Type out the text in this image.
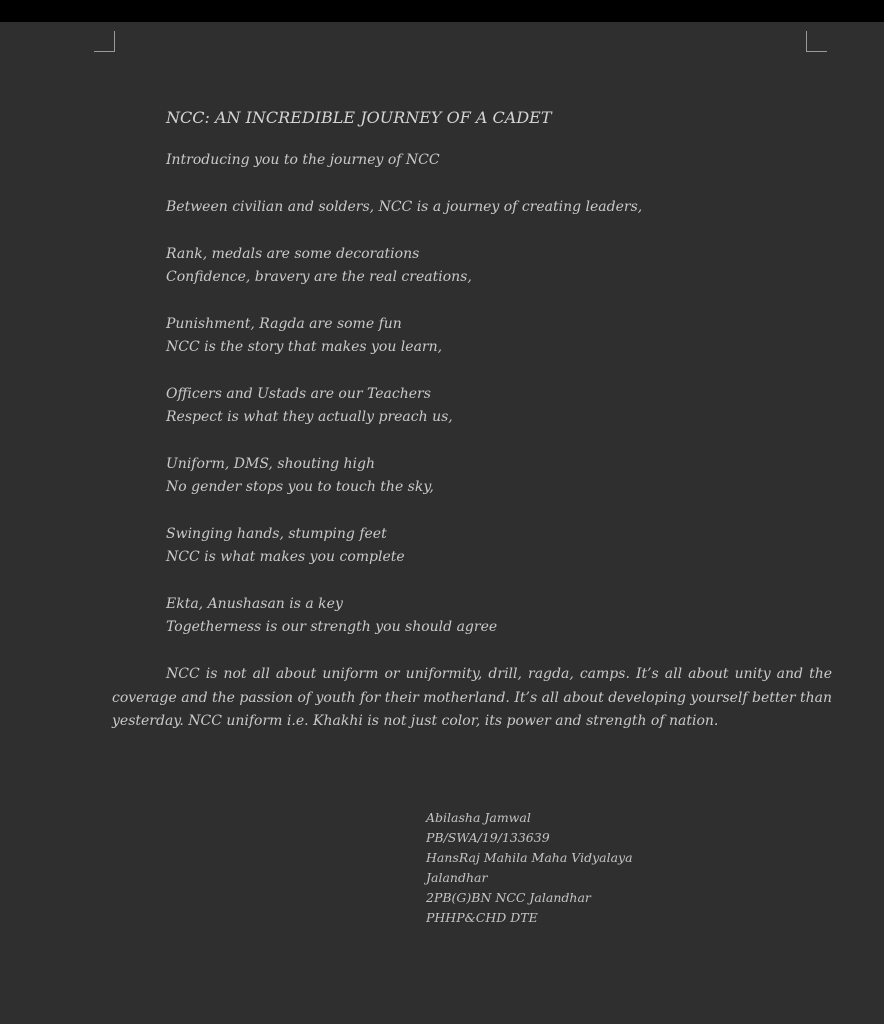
NCC: AN INCREDIBLE JOURNEY OF A CADET
Introducing you to the journey of NCC
Between civilian and solders, NCC is a journey of creating leaders,
Rank, medals are some decorations
Confidence, bravery are the real creations,
Punishment, Ragda are some fun
NCC is the story that makes you learn,
Officers and Ustads are our Teachers
Respect is what they actually preach us,
Uniform, DMS, shouting high
No gender stops you to touch the sky,
Swinging hands, stumping feet
NCC is what makes you complete
Ekta, Anushasan is a key
Togetherness is our strength you should agree

NCC is not all about uniform or uniformity, drill, ragda, camps. It’s all about unity and the coverage and the passion of youth for their motherland. It’s all about developing yourself better than yesterday. NCC uniform i.e. Khakhi is not just color, its power and strength of nation.

Abilasha Jamwal
PB/SWA/19/133639
HansRaj Mahila Maha Vidyalaya
Jalandhar
2PB(G)BN NCC Jalandhar
PHHP&CHD DTE
